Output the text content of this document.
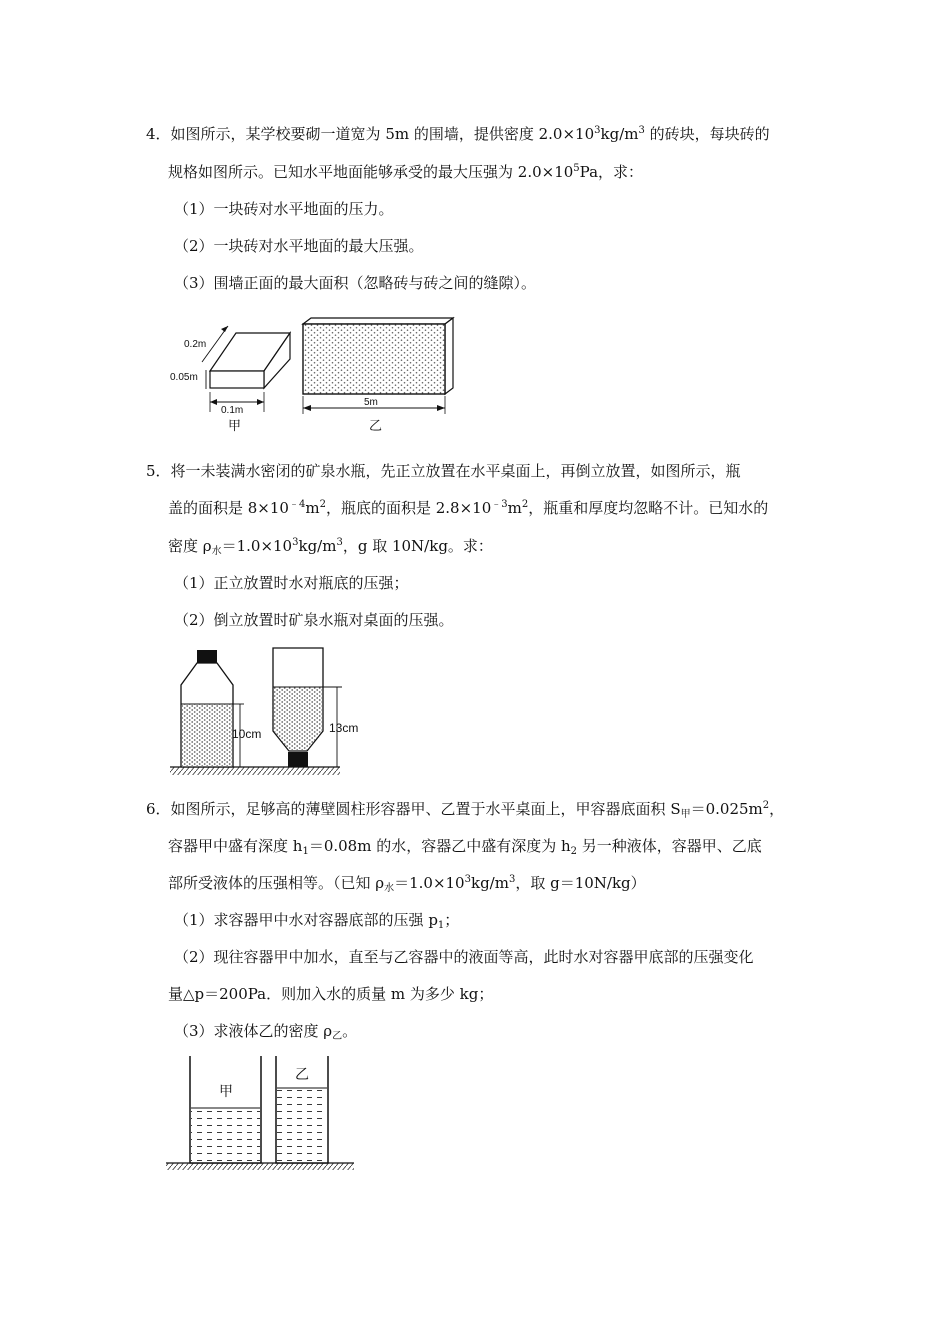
4．如图所示，某学校要砌一道宽为 5m 的围墙，提供密度 $2.0\times 10^3kg/m^3$ 的砖块，每块砖的
规格如图所示。已知水平地面能够承受的最大压强为 $2.0\times 10^5Pa$，求：
（1）一块砖对水平地面的压力。
（2）一块砖对水平地面的最大压强。
（3）围墙正面的最大面积（忽略砖与砖之间的缝隙）。
0.2m
0.05m
0.1m
甲
5m
乙
5．将一未装满水密闭的矿泉水瓶，先正立放置在水平桌面上，再倒立放置，如图所示，瓶
盖的面积是 $8\times 10^{﹣4}m^2$，瓶底的面积是 $2.8\times 10^{﹣3}m^2$，瓶重和厚度均忽略不计。已知水的
密度 $\rho_水=1.0\times 10^3kg/m^3$，g 取 10N/kg。求：
（1）正立放置时水对瓶底的压强；
（2）倒立放置时矿泉水瓶对桌面的压强。
10cm	13cm
6．如图所示，足够高的薄壁圆柱形容器甲、乙置于水平桌面上，甲容器底面积 $S_甲=0.025m^2$，
容器甲中盛有深度 $h_1=0.08m$ 的水，容器乙中盛有深度为 $h_2$ 另一种液体，容器甲、乙底
部所受液体的压强相等。（已知 $\rho_水=1.0\times 10^3kg/m^3$，取 g＝10N/kg）
（1）求容器甲中水对容器底部的压强 $p_1$；
（2）现往容器甲中加水，直至与乙容器中的液面等高，此时水对容器甲底部的压强变化
量△p＝200Pa．则加入水的质量 m 为多少 kg；
（3）求液体乙的密度 $\rho_乙$。
甲
乙
